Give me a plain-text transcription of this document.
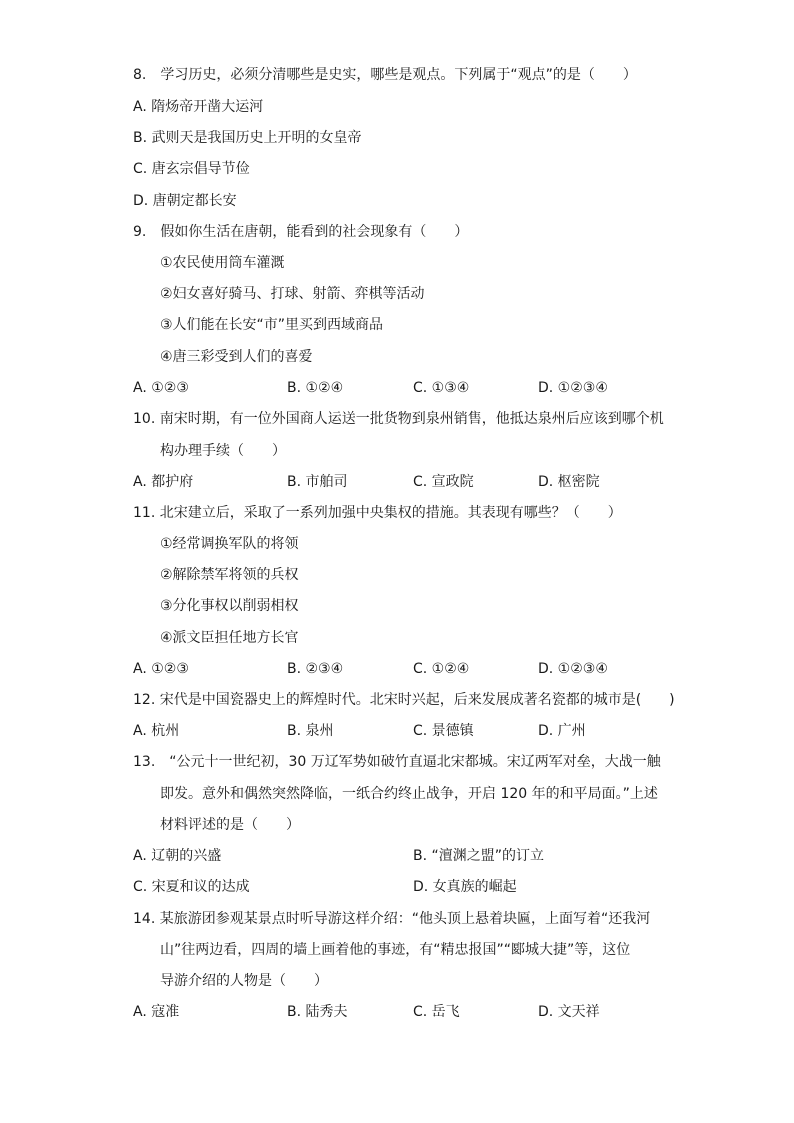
8.　学习历史，必须分清哪些是史实，哪些是观点。下列属于“观点”的是（　　）
A. 隋炀帝开凿大运河
B. 武则天是我国历史上开明的女皇帝
C. 唐玄宗倡导节俭
D. 唐朝定都长安
9.　假如你生活在唐朝，能看到的社会现象有（　　）
①农民使用筒车灌溉
②妇女喜好骑马、打球、射箭、弈棋等活动
③人们能在长安“市”里买到西域商品
④唐三彩受到人们的喜爱
A. ①②③	B. ①②④	C. ①③④	D. ①②③④
10. 南宋时期，有一位外国商人运送一批货物到泉州销售，他抵达泉州后应该到哪个机
构办理手续（　　）
A. 都护府	B. 市舶司	C. 宣政院	D. 枢密院
11. 北宋建立后，采取了一系列加强中央集权的措施。其表现有哪些？（　　）
①经常调换军队的将领
②解除禁军将领的兵权
③分化事权以削弱相权
④派文臣担任地方长官
A. ①②③	B. ②③④	C. ①②④	D. ①②③④
12. 宋代是中国瓷器史上的辉煌时代。北宋时兴起，后来发展成著名瓷都的城市是(　　)
A. 杭州	B. 泉州	C. 景德镇	D. 广州
13.　“公元十一世纪初，30 万辽军势如破竹直逼北宋都城。宋辽两军对垒，大战一触
即发。意外和偶然突然降临，一纸合约终止战争，开启 120 年的和平局面。”上述
材料评述的是（　　）
A. 辽朝的兴盛	B. “澶渊之盟”的订立
C. 宋夏和议的达成	D. 女真族的崛起
14. 某旅游团参观某景点时听导游这样介绍：“他头顶上悬着块匾，上面写着“还我河
山”往两边看，四周的墙上画着他的事迹，有“精忠报国”“郾城大捷”等，这位
导游介绍的人物是（　　）
A. 寇准	B. 陆秀夫	C. 岳飞	D. 文天祥
